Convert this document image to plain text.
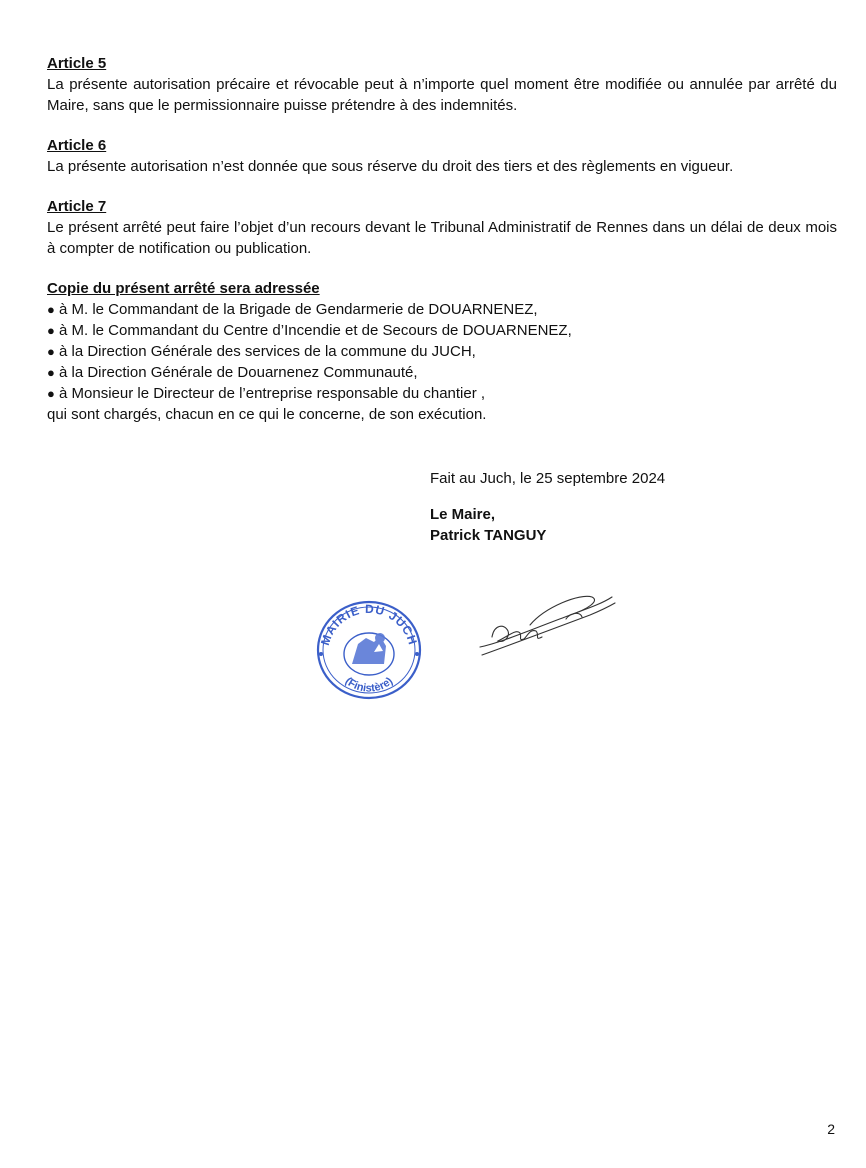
Article 5
La présente autorisation précaire et révocable peut à n’importe quel moment être modifiée ou annulée par arrêté du Maire, sans que le permissionnaire puisse prétendre à des indemnités.
Article 6
La présente autorisation n’est donnée que sous réserve du droit des tiers et des règlements en vigueur.
Article 7
Le présent arrêté peut faire l’objet d’un recours devant le Tribunal Administratif de Rennes dans un délai de deux mois à compter de notification ou publication.
Copie du présent arrêté sera adressée
● à M. le Commandant de la Brigade de Gendarmerie de DOUARNENEZ,
● à M. le Commandant du Centre d’Incendie et de Secours de DOUARNENEZ,
● à la Direction Générale des services de la commune du JUCH,
● à la Direction Générale de Douarnenez Communauté,
● à Monsieur le Directeur de l’entreprise responsable du chantier ,
qui sont chargés, chacun en ce qui le concerne, de son exécution.
Fait au Juch, le 25 septembre 2024
Le Maire,
Patrick TANGUY
MAIRIE DU JUCH
(Finistère)
2
